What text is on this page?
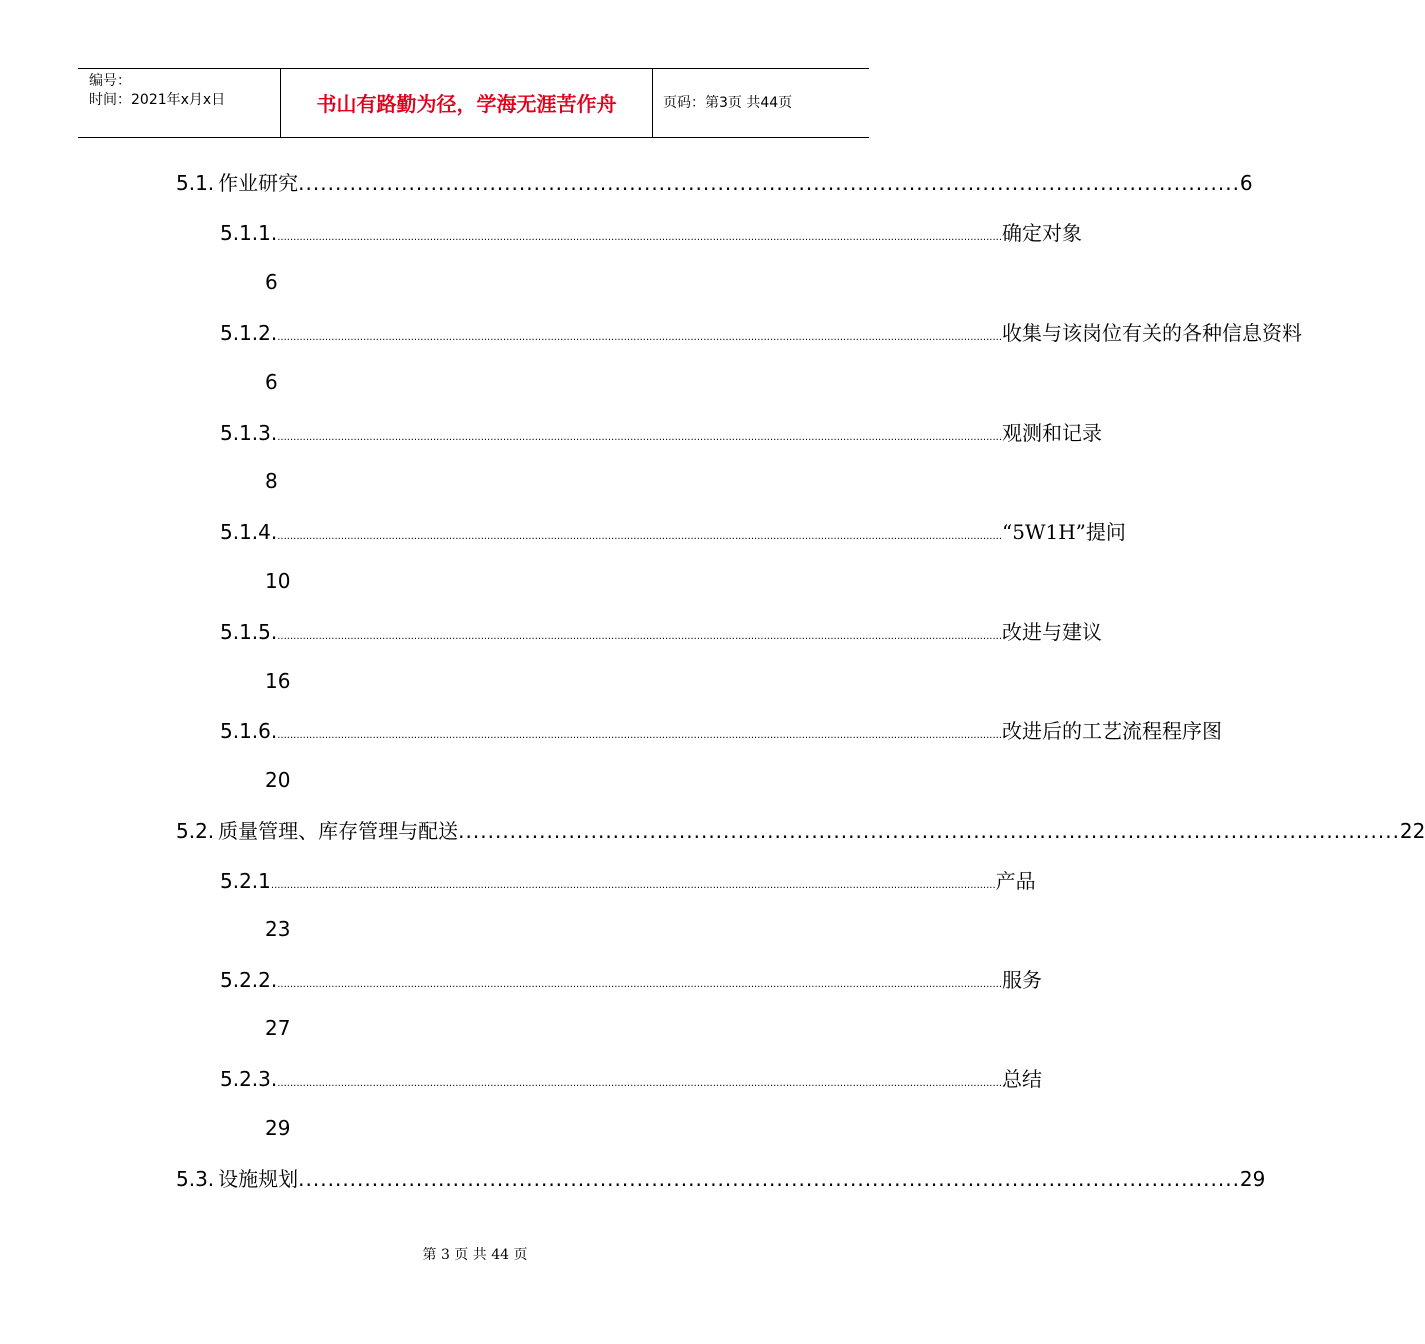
编号：
时间：2021年x月x日	书山有路勤为径，学海无涯苦作舟	页码：第3页 共44页
5.1. 作业研究 ................................................................................................................................ 6
5.1.1. .................................................................................................................................................................................................................................... 确定对象
6
5.1.2. .................................................................................................................................................................................................................................... 收集与该岗位有关的各种信息资料
6
5.1.3. .................................................................................................................................................................................................................................... 观测和记录
8
5.1.4. .................................................................................................................................................................................................................................... “5W1H”提问
10
5.1.5. .................................................................................................................................................................................................................................... 改进与建议
16
5.1.6. .................................................................................................................................................................................................................................... 改进后的工艺流程程序图
20
5.2. 质量管理、库存管理与配送 ................................................................................................................................ 22
5.2.1 .................................................................................................................................................................................................................................... 产品
23
5.2.2. .................................................................................................................................................................................................................................... 服务
27
5.2.3. .................................................................................................................................................................................................................................... 总结
29
5.3. 设施规划 ................................................................................................................................ 29
第 3 页 共 44 页
